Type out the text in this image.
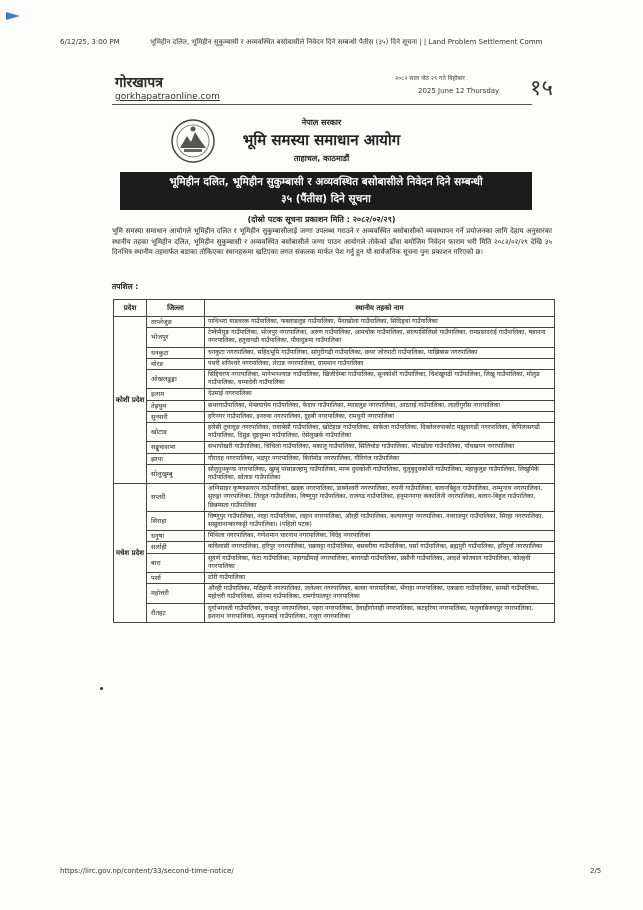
6/12/25, 3:00 PM	भूमिहीन दलित, भूमिहीन सुकुम्बासी र अव्यवस्थित बसोबासीले निवेदन दिने सम्बन्धी पैतीस (३५) दिने सूचना | | Land Problem Settlement Comm
गोरखापत्र
gorkhapatraonline.com
२०८२ साल जेठ २९ गते बिहीबार
2025 June 12 Thursday १५
नेपाल सरकार
भूमि समस्या समाधान आयोग
ताहाचल, काठमाडौं
भूमिहीन दलित, भूमिहीन सुकुम्बासी र अव्यवस्थित बसोबासीले निवेदन दिने सम्बन्धी
३५ (पैंतीस) दिने सूचना
(दोस्रो पटक सूचना प्रकाशन मिति : २०८२/०२/२९)
भूमि समस्या समाधान आयोगले भूमिहीन दलित र भूमिहीन सुकुम्बासीलाई जग्गा उपलब्ध गराउने र अव्यवस्थित बसोबासीको व्यवस्थापन गर्ने प्रयोजनका लागि देहाय अनुसारका स्थानीय तहका भूमिहीन दलित, भूमिहीन सुकुम्बासी र अव्यवस्थित बसोबासीले जग्गा पाउन आयोगले तोकेको ढाँचा बमोजिम निवेदन फाराम भरी मिति २०८२/०२/२९ देखि ३५ दिनभित्र स्थानीय तहमार्फत बडाका तोकिएका स्थानहरूमा खटिएका लगत संकलक मार्फत पेश गर्नु हुन यो सार्वजनिक सूचना पुनः प्रकाशन गरिएको छ।
तपशिल :
प्रदेश	जिल्ला	स्थानीय तहको नाम
कोशी प्रदेश	ताप्लेजुङ	पाथिभरा याङवरक गाउँपालिका, फक्ताङलुङ गाउँपालिका, मैवाखोला गाउँपालिका, सिदिङ्वा गाउँपालिका
	भोजपुर	टेम्केमैयुङ गाउँपालिका, भोजपुर नगरपालिका, अरुण गाउँपालिका, आमचोक गाउँपालिका, साल्पासिलिछो गाउँपालिका, रामप्रसादराई गाउँपालिका, षडानन्द नगरपालिका, हतुवागढी गाउँपालिका, पौवादुङमा गाउँपालिका
	धनकुटा	धनकुटा नगरपालिका, सहिदभूमि गाउँपालिका, सांगुरीगढी गाउँपालिका, छथर जोरपाटी गाउँपालिका, पाख्रिबास नगरपालिका
	मोरङ	पथरी शनिश्चरे नगरपालिका, लेटाङ नगरपालिका, ग्रामथान गाउँपालिका
	ओखलढुङ्गा	सिद्दिचरण नगरपालिका, मानेभञ्ज्याङ गाउँपालिका, खिजीदेम्बा गाउँपालिका, सुनकोशी गाउँपालिका, चिशंखुगढी गाउँपालिका, लिखु गाउँपालिका, मोलुङ गाउँपालिका, चम्पादेवी गाउँपालिका
	इलाम	देउमाई नगरपालिका
	तेह्रथुम	छथरगाउँपालिका, मेन्छयायेम गाउँपालिका, फेदाप गाउँपालिका, म्याङलुङ नगरपालिका, आठराई गाउँपालिका, लालीगुराँस नगरपालिका
	सुनसरी	हरिनगर गाउँपालिका, इनरुवा नगरपालिका, दुहबी नगरपालिका, रामधुनी नगरपालिका
	खोटाङ	हलेसी तुवाचुङ नगरपालिका, रावाबेसी गाउँपालिका, खोटेहाङ गाउँपालिका, साकेला गाउँपालिका, दिक्तेलरुपाकोट मझुवागढी नगरपालिका, केपिलासगढी गाउँपालिका, दिप्रुङ चुइचुम्मा गाउँपालिका, ऐसेलुखर्क गाउँपालिका
	सङ्खुवासभा	सभापोखरी गाउँपालिका, चिचिला गाउँपालिका, मकालु गाउँपालिका, सिलिचोङ गाउँपालिका, भोटखोला गाउँपालिका, पाँचखपन नगरपालिका
	झापा	गौरादह नगरपालिका, भद्रपुर नगरपालिका, बिर्तामोड नगरपालिका, गौरिगंज गाउँपालिका
	सोलुखुम्बु	सोलुदुधकुण्ड नगरपालिका, खुम्बु पासाङल्हामु गाउँपालिका, माप्य दुधकोशी गाउँपालिका, धुलुबुदुधकोशी गाउँपालिका, महाकुलुङ गाउँपालिका, लिखुपिके गाउँपालिका, सोताङ गाउँपालिका
मधेश प्रदेश	सप्तरी	अग्निसाइर कृष्णासवरन गाउँपालिका, खडक नगरपालिका, डाक्नेश्वरी नगरपालिका, रुपनी गाउँपालिका, बलानबिहुल गाउँपालिका, शम्भुनाथ नगरपालिका, सुरुङ्गा नगरपालिका, तिरहुत गाउँपालिका, विष्णुपुर गाउँपालिका, राजगढ गाउँपालिका, हनुमाननगर कंकालिनी नगरपालिका, बलान-बिहुल गाउँपालिका, छिन्नमस्ता गाउँपालिका
	सिराहा	विष्णुपुर गाउँपालिका, नरहा गाउँपालिका, लहान नगरपालिका, औरही गाउँपालिका, कल्याणपुर नगरपालिका, नवराजपुर गाउँपालिका, सिरहा नगरपालिका, सखुवानान्कारकट्टी गाउँपालिका। (पहिलो पटक)
	धनुषा	मिथिला नगरपालिका, गणेशमान चारनाथ नगरपालिका, विदेह नगरपालिका
	सर्लाही	कविलासी नगरपालिका, हरिपुर नगरपालिका, चक्रघट्टा गाउँपालिका, बसबरीया गाउँपालिका, पर्सा गाउँपालिका, ब्रह्मपुरी गाउँपालिका, हरिपुर्वा नगरपालिका
	बारा	सुवर्ण गाउँपालिका, फेटा गाउँपालिका, महागढीमाई नगरपालिका, बारागढी गाउँपालिका, प्रसौनी गाउँपालिका, आदर्श कोतवाल गाउँपालिका, कोल्हवी नगरपालिका
	पर्सा	ठोरी गाउँपालिका
	महोत्तरी	औरही गाउँपालिका, मटिहानी नगरपालिका, जलेश्वर नगरपालिका, बलवा नगरपालिका, भँगाहा नगरपालिका, एकडारा गाउँपालिका, साम्सी गाउँपालिका, महोत्तरी गाउँपालिका, सोनमा गाउँपालिका, रामगोपालपुर नगरपालिका
	रौतहट	दुर्गाभगवती गाउँपालिका, चन्द्रपुर नगरपालिका, पहरा नगरपालिका, देवाहीगोनाही नगरपालिका, कटहरिया नगरपालिका, फतुवाबिजयपुर नगरपालिका, इशनाथ नगरपालिका, यमुनामाई गाउँपालिका, गजुरा नगरपालिका
https://lirc.gov.np/content/33/second-time-notice/	2/5
